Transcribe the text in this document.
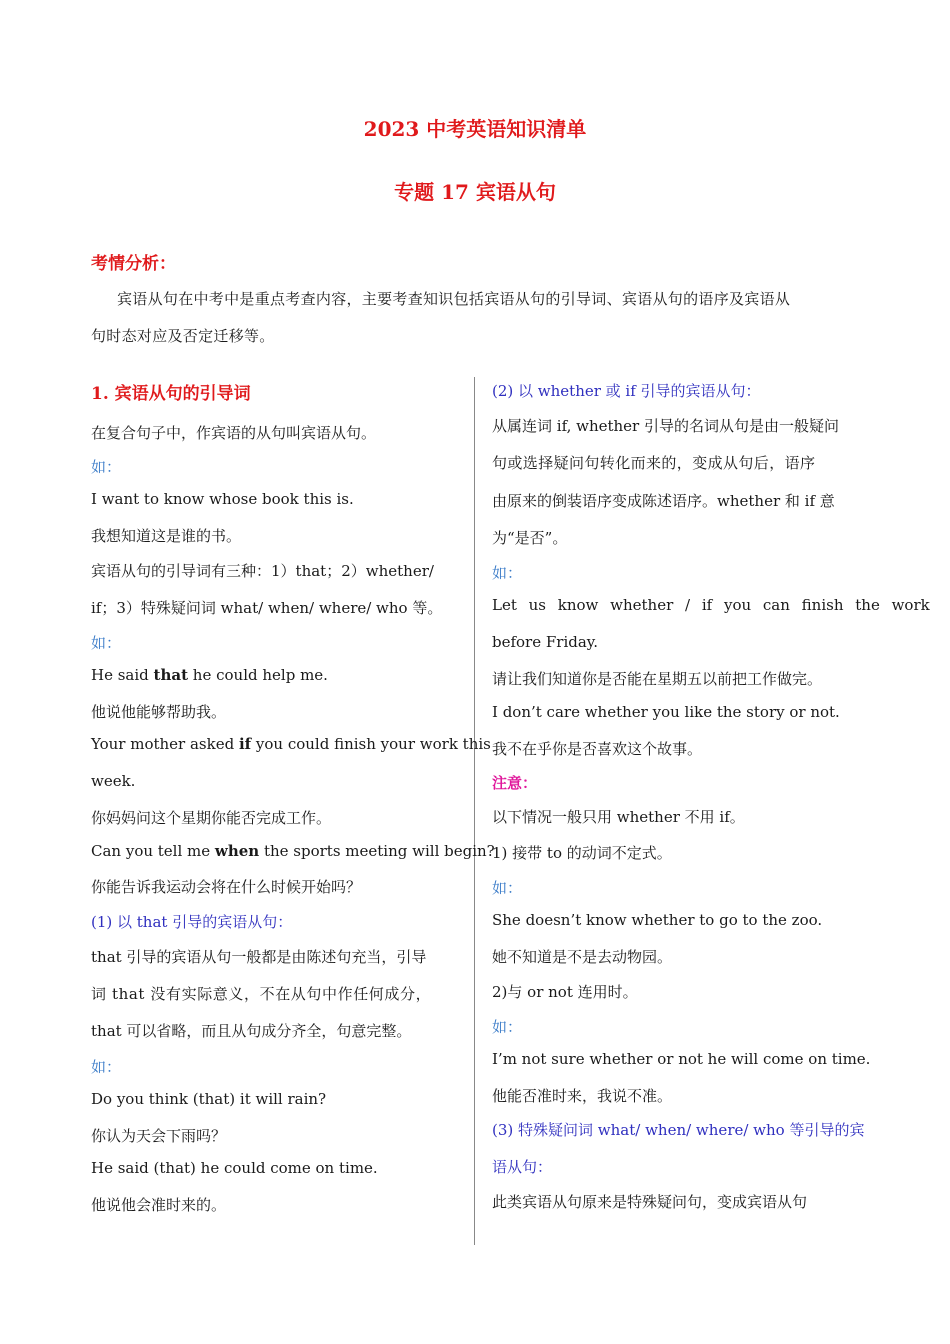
2023 中考英语知识清单
专题 17 宾语从句
考情分析：
宾语从句在中考中是重点考查内容，主要考查知识包括宾语从句的引导词、宾语从句的语序及宾语从
句时态对应及否定迁移等。
1. 宾语从句的引导词
在复合句子中，作宾语的从句叫宾语从句。
如：
I want to know whose book this is.
我想知道这是谁的书。
宾语从句的引导词有三种：1）that；2）whether/
if；3）特殊疑问词 what/ when/ where/ who 等。
如：
He said that he could help me.
他说他能够帮助我。
Your mother asked if you could finish your work this
week.
你妈妈问这个星期你能否完成工作。
Can you tell me when the sports meeting will begin?
你能告诉我运动会将在什么时候开始吗？
(1) 以 that 引导的宾语从句：
that 引导的宾语从句一般都是由陈述句充当，引导
词 that 没有实际意义，不在从句中作任何成分，
that 可以省略，而且从句成分齐全，句意完整。
如：
Do you think (that) it will rain?
你认为天会下雨吗？
He said (that) he could come on time.
他说他会准时来的。
(2) 以 whether 或 if 引导的宾语从句：
从属连词 if, whether 引导的名词从句是由一般疑问
句或选择疑问句转化而来的，变成从句后，语序
由原来的倒装语序变成陈述语序。whether 和 if 意
为“是否”。
如：
Let us know whether / if you can finish the work
before Friday.
请让我们知道你是否能在星期五以前把工作做完。
I don’t care whether you like the story or not.
我不在乎你是否喜欢这个故事。
注意：
以下情况一般只用 whether 不用 if。
1) 接带 to 的动词不定式。
如：
She doesn’t know whether to go to the zoo.
她不知道是不是去动物园。
2)与 or not 连用时。
如：
I’m not sure whether or not he will come on time.
他能否准时来，我说不准。
(3) 特殊疑问词 what/ when/ where/ who 等引导的宾
语从句：
此类宾语从句原来是特殊疑问句，变成宾语从句
